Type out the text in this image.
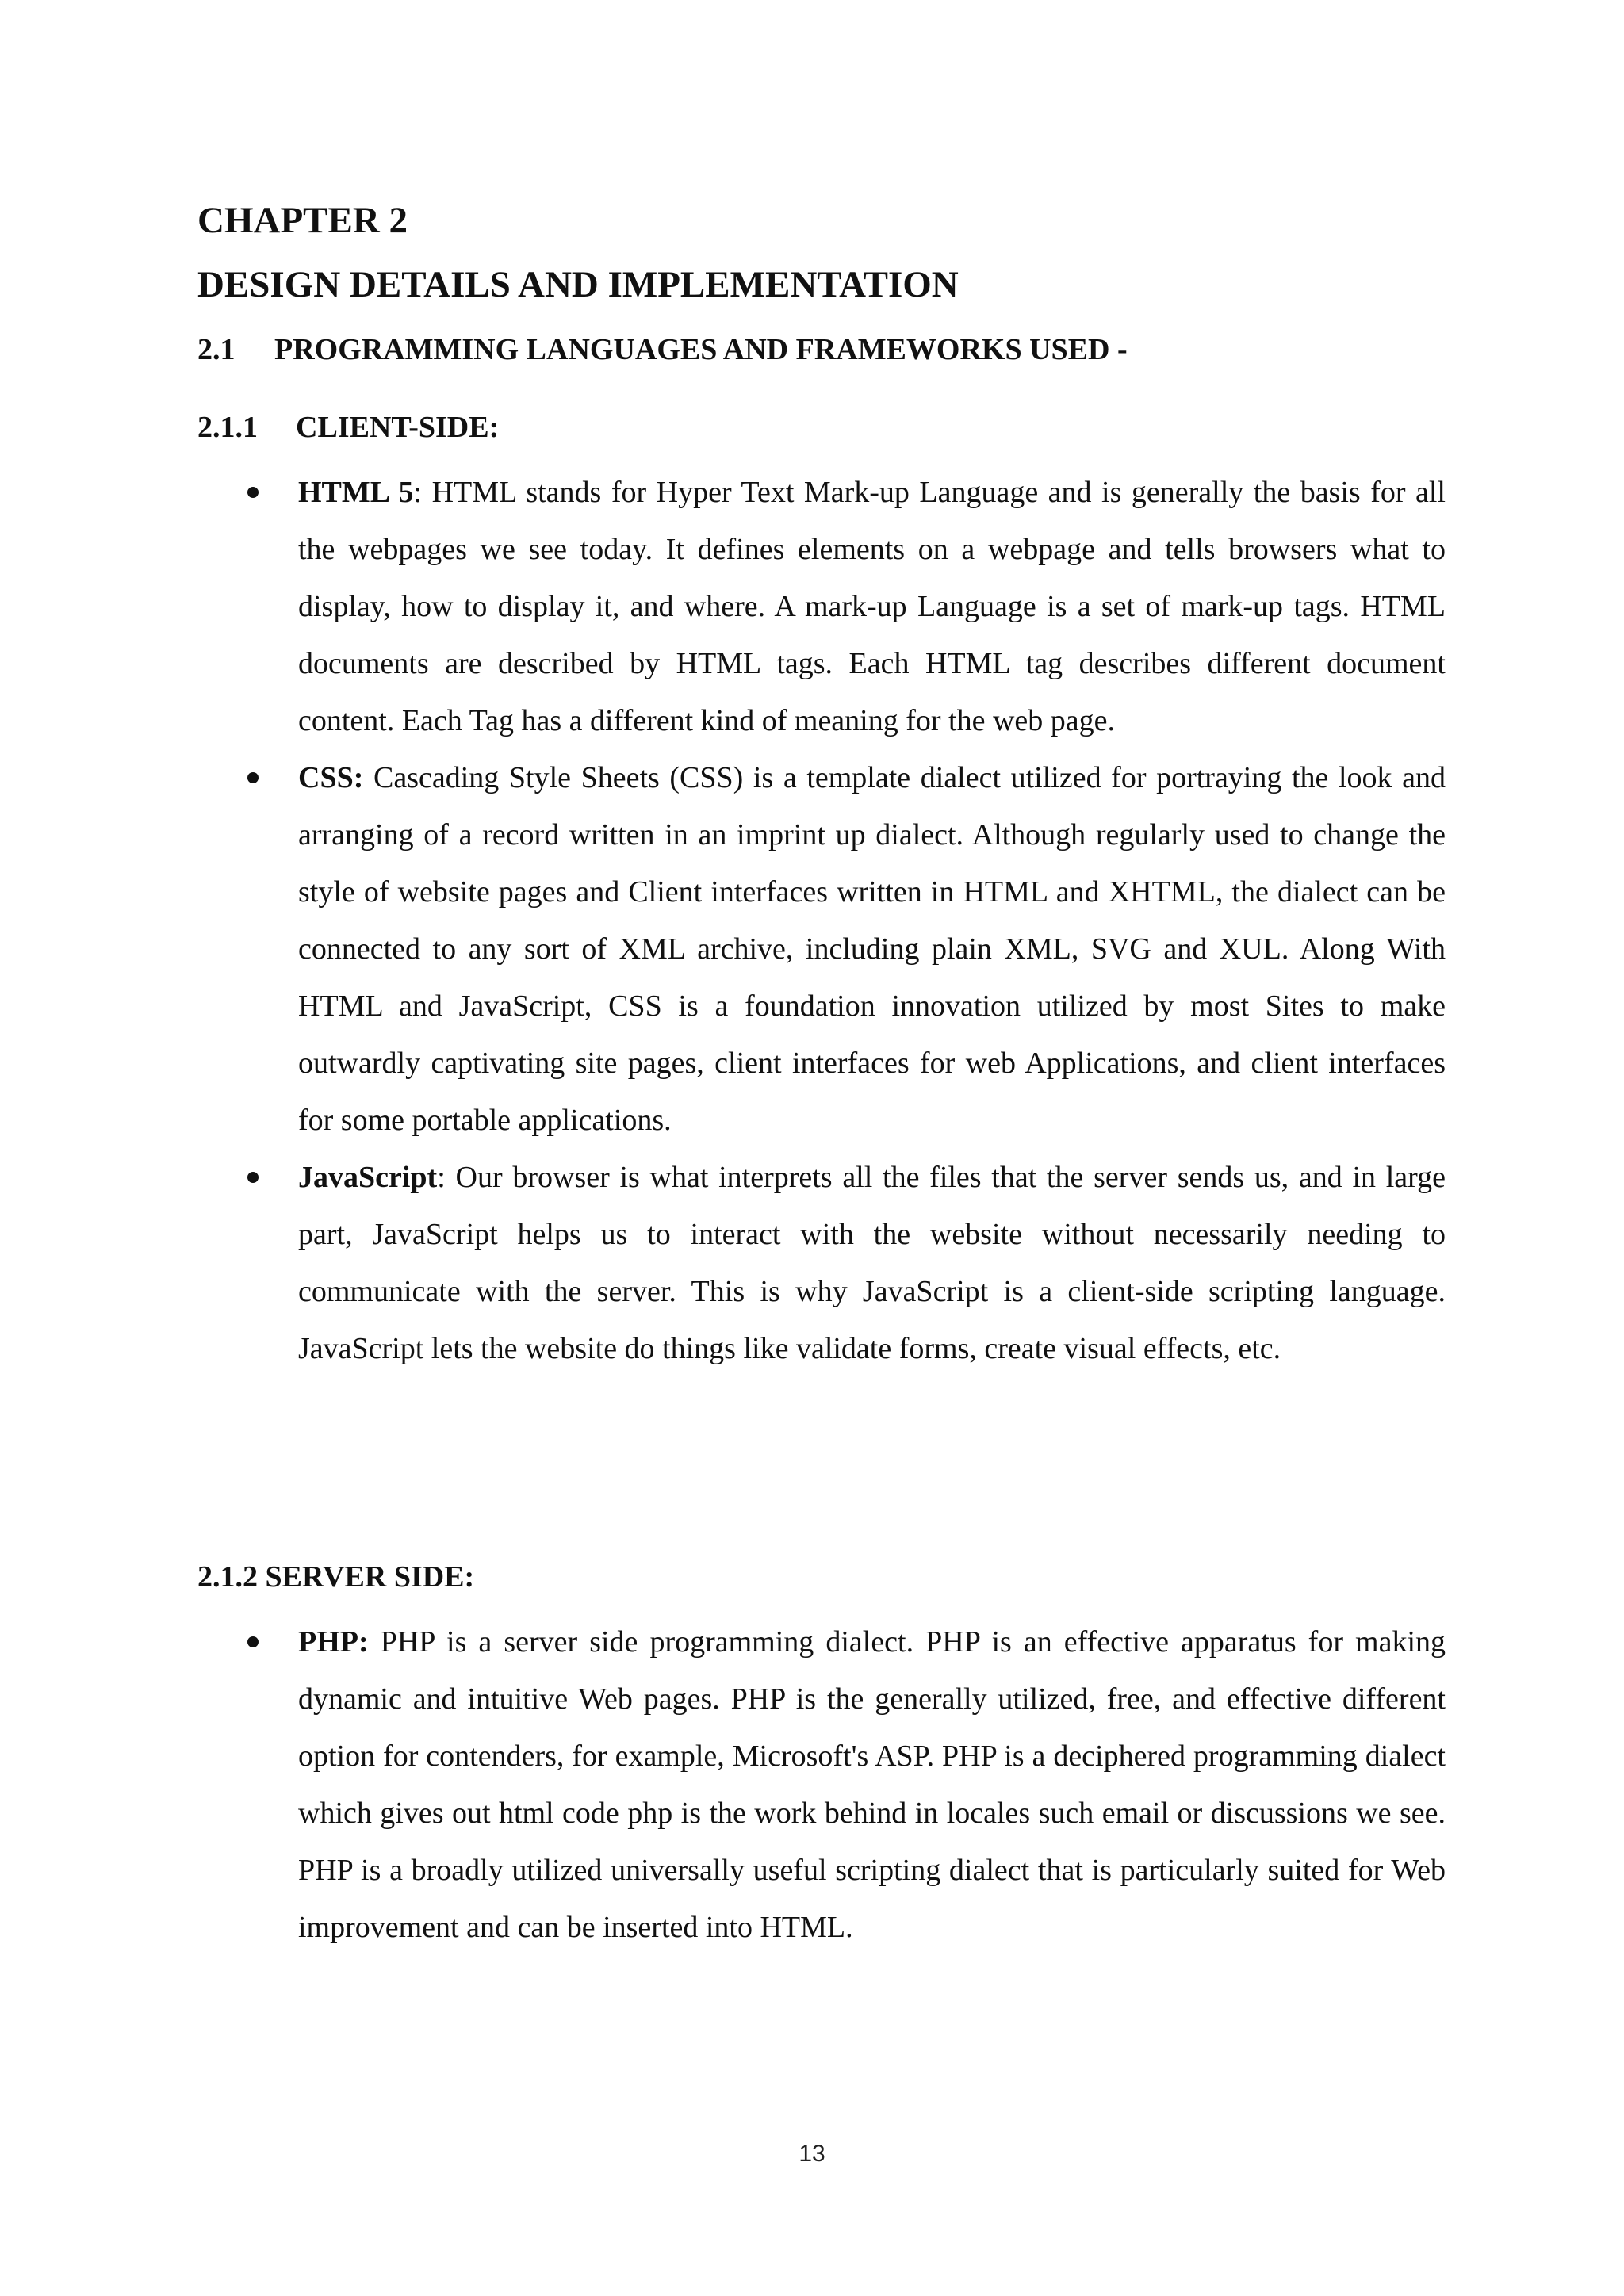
CHAPTER 2
DESIGN DETAILS AND IMPLEMENTATION
2.1 PROGRAMMING LANGUAGES AND FRAMEWORKS USED -
2.1.1 CLIENT-SIDE:
HTML 5: HTML stands for Hyper Text Mark-up Language and is generally the basis for all the webpages we see today. It defines elements on a webpage and tells browsers what to display, how to display it, and where. A mark-up Language is a set of mark-up tags. HTML documents are described by HTML tags. Each HTML tag describes different document content. Each Tag has a different kind of meaning for the web page.
CSS: Cascading Style Sheets (CSS) is a template dialect utilized for portraying the look and arranging of a record written in an imprint up dialect. Although regularly used to change the style of website pages and Client interfaces written in HTML and XHTML, the dialect can be connected to any sort of XML archive, including plain XML, SVG and XUL. Along With HTML and JavaScript, CSS is a foundation innovation utilized by most Sites to make outwardly captivating site pages, client interfaces for web Applications, and client interfaces for some portable applications.
JavaScript: Our browser is what interprets all the files that the server sends us, and in large part, JavaScript helps us to interact with the website without necessarily needing to communicate with the server. This is why JavaScript is a client-side scripting language. JavaScript lets the website do things like validate forms, create visual effects, etc.
2.1.2 SERVER SIDE:
PHP: PHP is a server side programming dialect. PHP is an effective apparatus for making dynamic and intuitive Web pages. PHP is the generally utilized, free, and effective different option for contenders, for example, Microsoft's ASP. PHP is a deciphered programming dialect which gives out html code php is the work behind in locales such email or discussions we see. PHP is a broadly utilized universally useful scripting dialect that is particularly suited for Web improvement and can be inserted into HTML.
13
